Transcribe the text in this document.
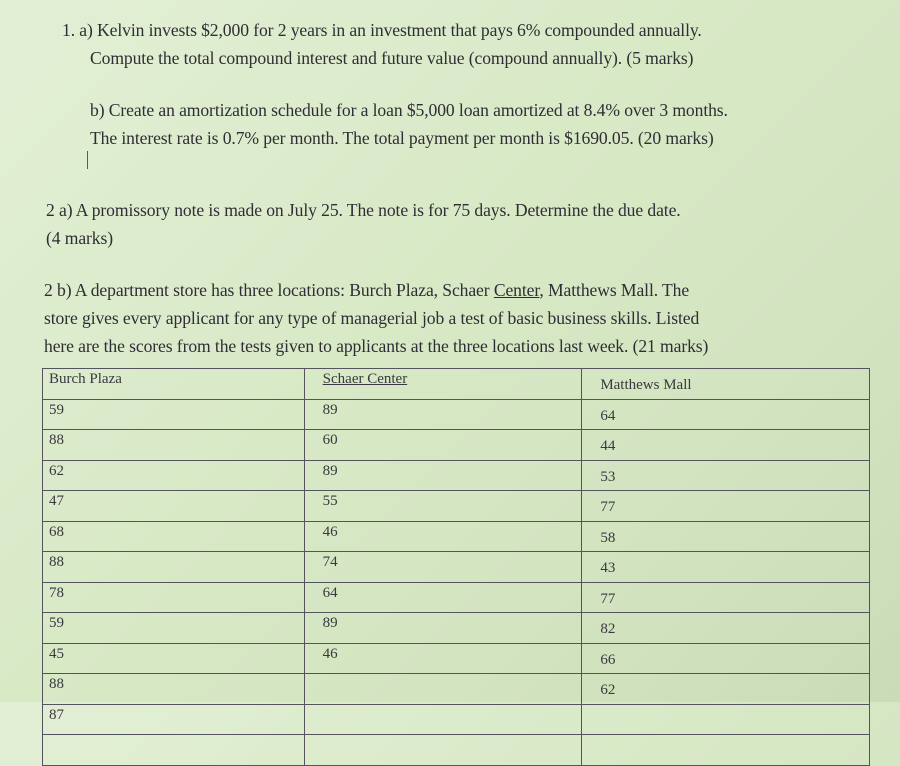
1. a) Kelvin invests $2,000 for 2 years in an investment that pays 6% compounded annually.
Compute the total compound interest and future value (compound annually). (5 marks)
b) Create an amortization schedule for a loan $5,000 loan amortized at 8.4% over 3 months.
The interest rate is 0.7% per month. The total payment per month is $1690.05. (20 marks)
2 a) A promissory note is made on July 25. The note is for 75 days. Determine the due date.
(4 marks)
2 b) A department store has three locations: Burch Plaza, Schaer Center, Matthews Mall. The
store gives every applicant for any type of managerial job a test of basic business skills. Listed
here are the scores from the tests given to applicants at the three locations last week. (21 marks)
Burch Plaza	Schaer Center	Matthews Mall
59	89	64
88	60	44
62	89	53
47	55	77
68	46	58
88	74	43
78	64	77
59	89	82
45	46	66
88		62
87		
